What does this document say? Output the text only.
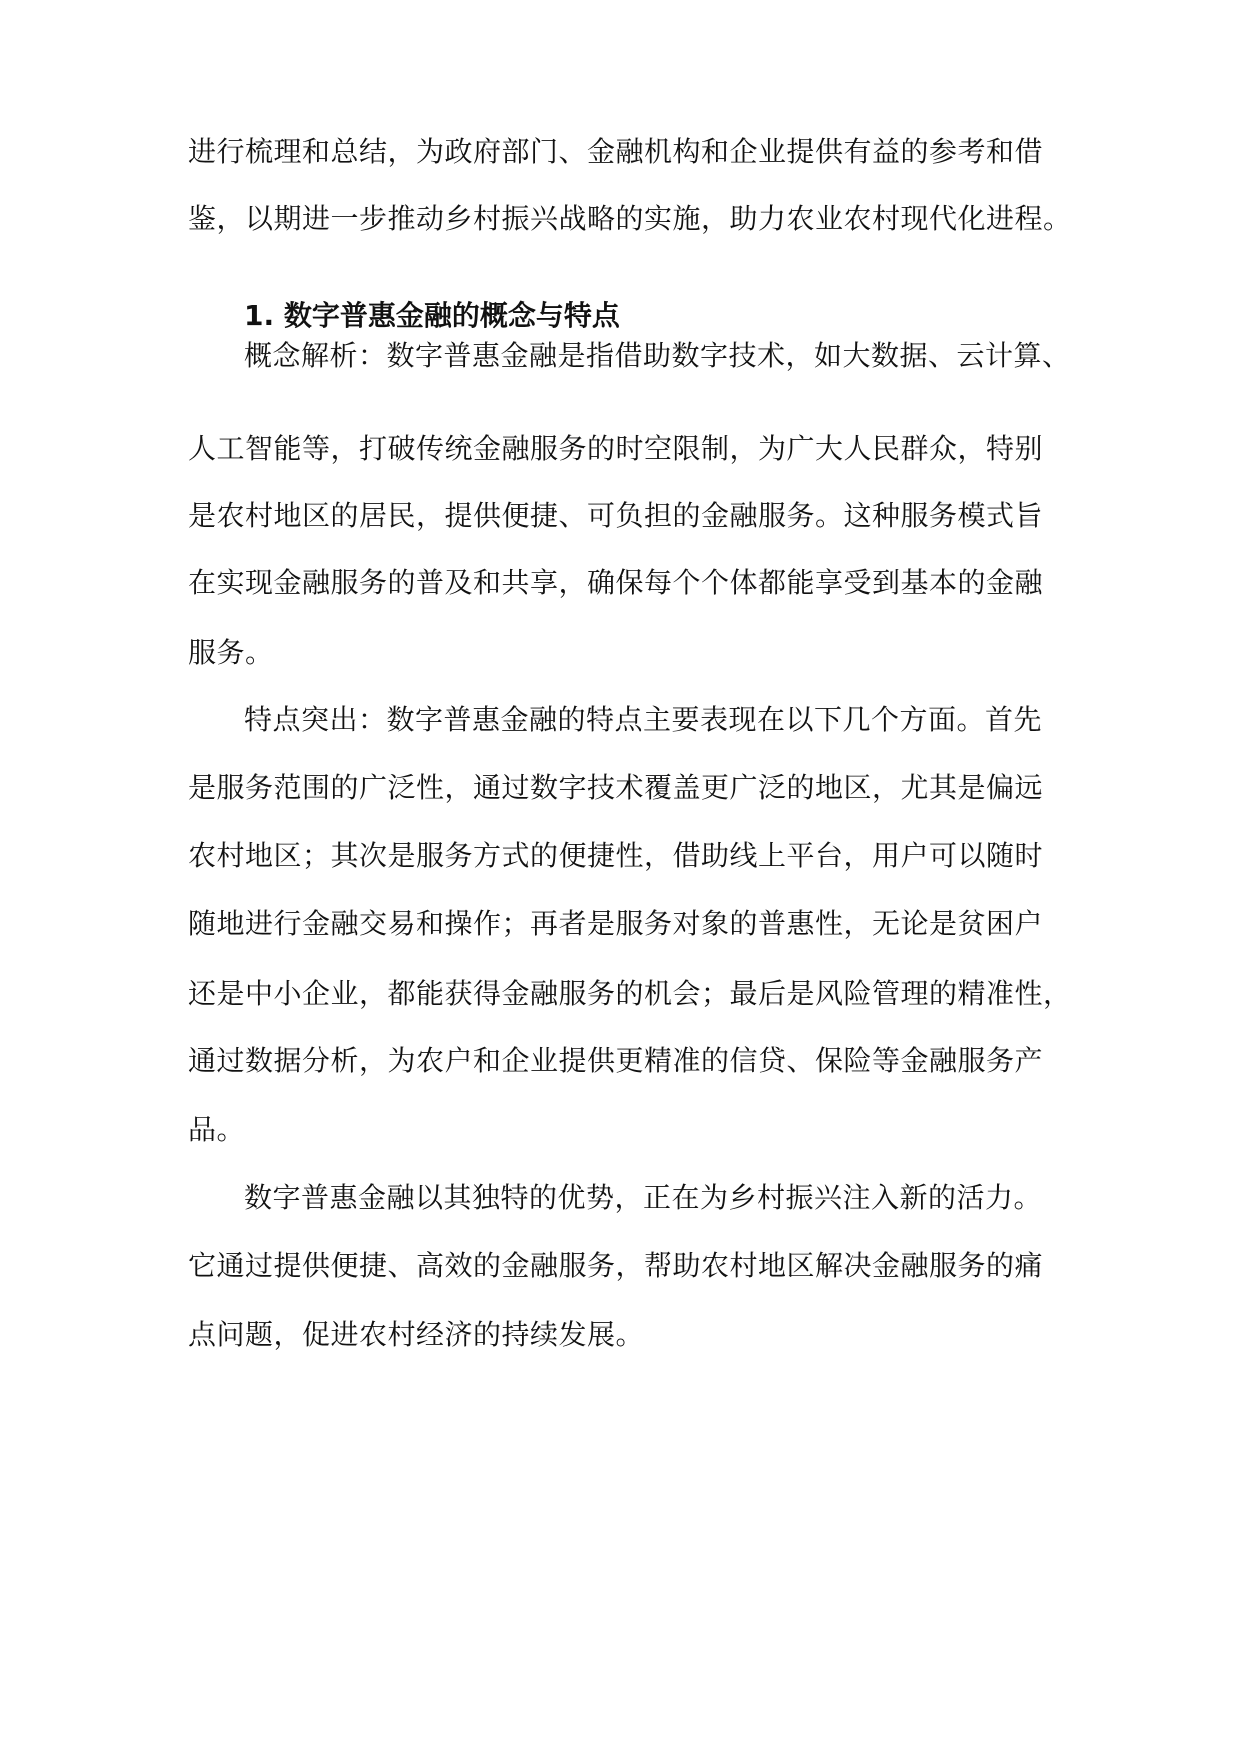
进行梳理和总结，为政府部门、金融机构和企业提供有益的参考和借
鉴，以期进一步推动乡村振兴战略的实施，助力农业农村现代化进程。
1. 数字普惠金融的概念与特点
概念解析：数字普惠金融是指借助数字技术，如大数据、云计算、
人工智能等，打破传统金融服务的时空限制，为广大人民群众，特别
是农村地区的居民，提供便捷、可负担的金融服务。这种服务模式旨
在实现金融服务的普及和共享，确保每个个体都能享受到基本的金融
服务。
特点突出：数字普惠金融的特点主要表现在以下几个方面。首先
是服务范围的广泛性，通过数字技术覆盖更广泛的地区，尤其是偏远
农村地区；其次是服务方式的便捷性，借助线上平台，用户可以随时
随地进行金融交易和操作；再者是服务对象的普惠性，无论是贫困户
还是中小企业，都能获得金融服务的机会；最后是风险管理的精准性，
通过数据分析，为农户和企业提供更精准的信贷、保险等金融服务产
品。
数字普惠金融以其独特的优势，正在为乡村振兴注入新的活力。
它通过提供便捷、高效的金融服务，帮助农村地区解决金融服务的痛
点问题，促进农村经济的持续发展。
